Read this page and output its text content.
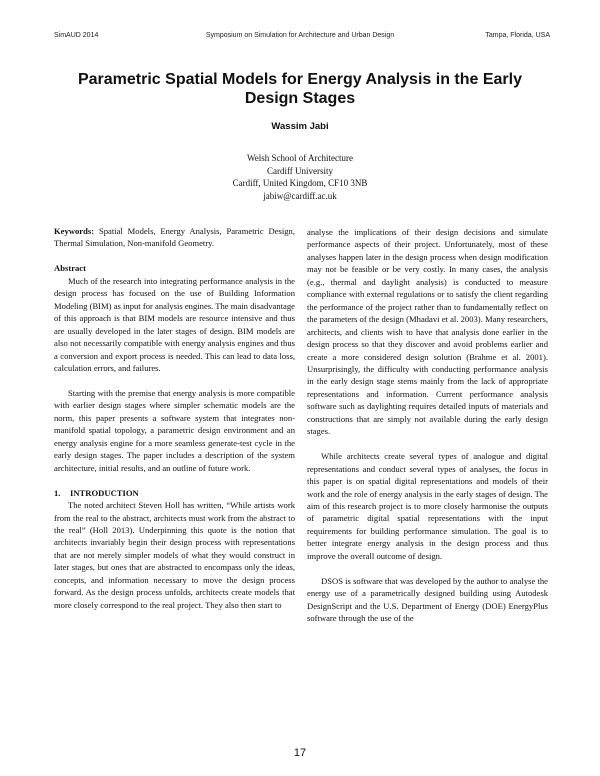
SimAUD 2014	Symposium on Simulation for Architecture and Urban Design	Tampa, Florida, USA
Parametric Spatial Models for Energy Analysis in the Early Design Stages
Wassim Jabi
Welsh School of Architecture
Cardiff University
Cardiff, United Kingdom, CF10 3NB
jabiw@cardiff.ac.uk

Keywords: Spatial Models, Energy Analysis, Parametric Design, Thermal Simulation, Non-manifold Geometry.

Abstract

Much of the research into integrating performance analysis in the design process has focused on the use of Building Information Modeling (BIM) as input for analysis engines. The main disadvantage of this approach is that BIM models are resource intensive and thus are usually developed in the later stages of design. BIM models are also not necessarily compatible with energy analysis engines and thus a conversion and export process is needed. This can lead to data loss, calculation errors, and failures.

Starting with the premise that energy analysis is more compatible with earlier design stages where simpler schematic models are the norm, this paper presents a software system that integrates non-manifold spatial topology, a parametric design environment and an energy analysis engine for a more seamless generate-test cycle in the early design stages. The paper includes a description of the system architecture, initial results, and an outline of future work.

1. INTRODUCTION

The noted architect Steven Holl has written, “While artists work from the real to the abstract, architects must work from the abstract to the real” (Holl 2013). Underpinning this quote is the notion that architects invariably begin their design process with representations that are not merely simpler models of what they would construct in later stages, but ones that are abstracted to encompass only the ideas, concepts, and information necessary to move the design process forward. As the design process unfolds, architects create models that more closely correspond to the real project. They also then start to

analyse the implications of their design decisions and simulate performance aspects of their project. Unfortunately, most of these analyses happen later in the design process when design modification may not be feasible or be very costly. In many cases, the analysis (e.g., thermal and daylight analysis) is conducted to measure compliance with external regulations or to satisfy the client regarding the performance of the project rather than to fundamentally reflect on the parameters of the design (Mhadavi et al. 2003). Many researchers, architects, and clients wish to have that analysis done earlier in the design process so that they discover and avoid problems earlier and create a more considered design solution (Brahme et al. 2001). Unsurprisingly, the difficulty with conducting performance analysis in the early design stage stems mainly from the lack of appropriate representations and information. Current performance analysis software such as daylighting requires detailed inputs of materials and constructions that are simply not available during the early design stages.

While architects create several types of analogue and digital representations and conduct several types of analyses, the focus in this paper is on spatial digital representations and models of their work and the role of energy analysis in the early stages of design. The aim of this research project is to more closely harmonise the outputs of parametric digital spatial representations with the input requirements for building performance simulation. The goal is to better integrate energy analysis in the design process and thus improve the overall outcome of design.

DSOS is software that was developed by the author to analyse the energy use of a parametrically designed building using Autodesk DesignScript and the U.S. Department of Energy (DOE) EnergyPlus software through the use of the

17
